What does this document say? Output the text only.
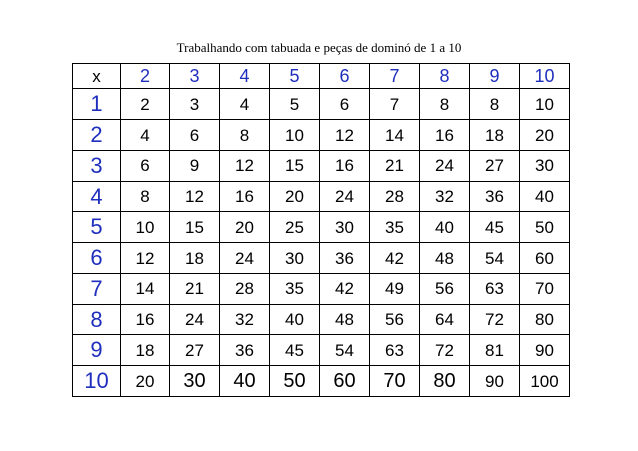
Trabalhando com tabuada e peças de dominó de 1 a 10
x	2	3	4	5	6	7	8	9	10
1	2	3	4	5	6	7	8	8	10
2	4	6	8	10	12	14	16	18	20
3	6	9	12	15	16	21	24	27	30
4	8	12	16	20	24	28	32	36	40
5	10	15	20	25	30	35	40	45	50
6	12	18	24	30	36	42	48	54	60
7	14	21	28	35	42	49	56	63	70
8	16	24	32	40	48	56	64	72	80
9	18	27	36	45	54	63	72	81	90
10	20	30	40	50	60	70	80	90	100
